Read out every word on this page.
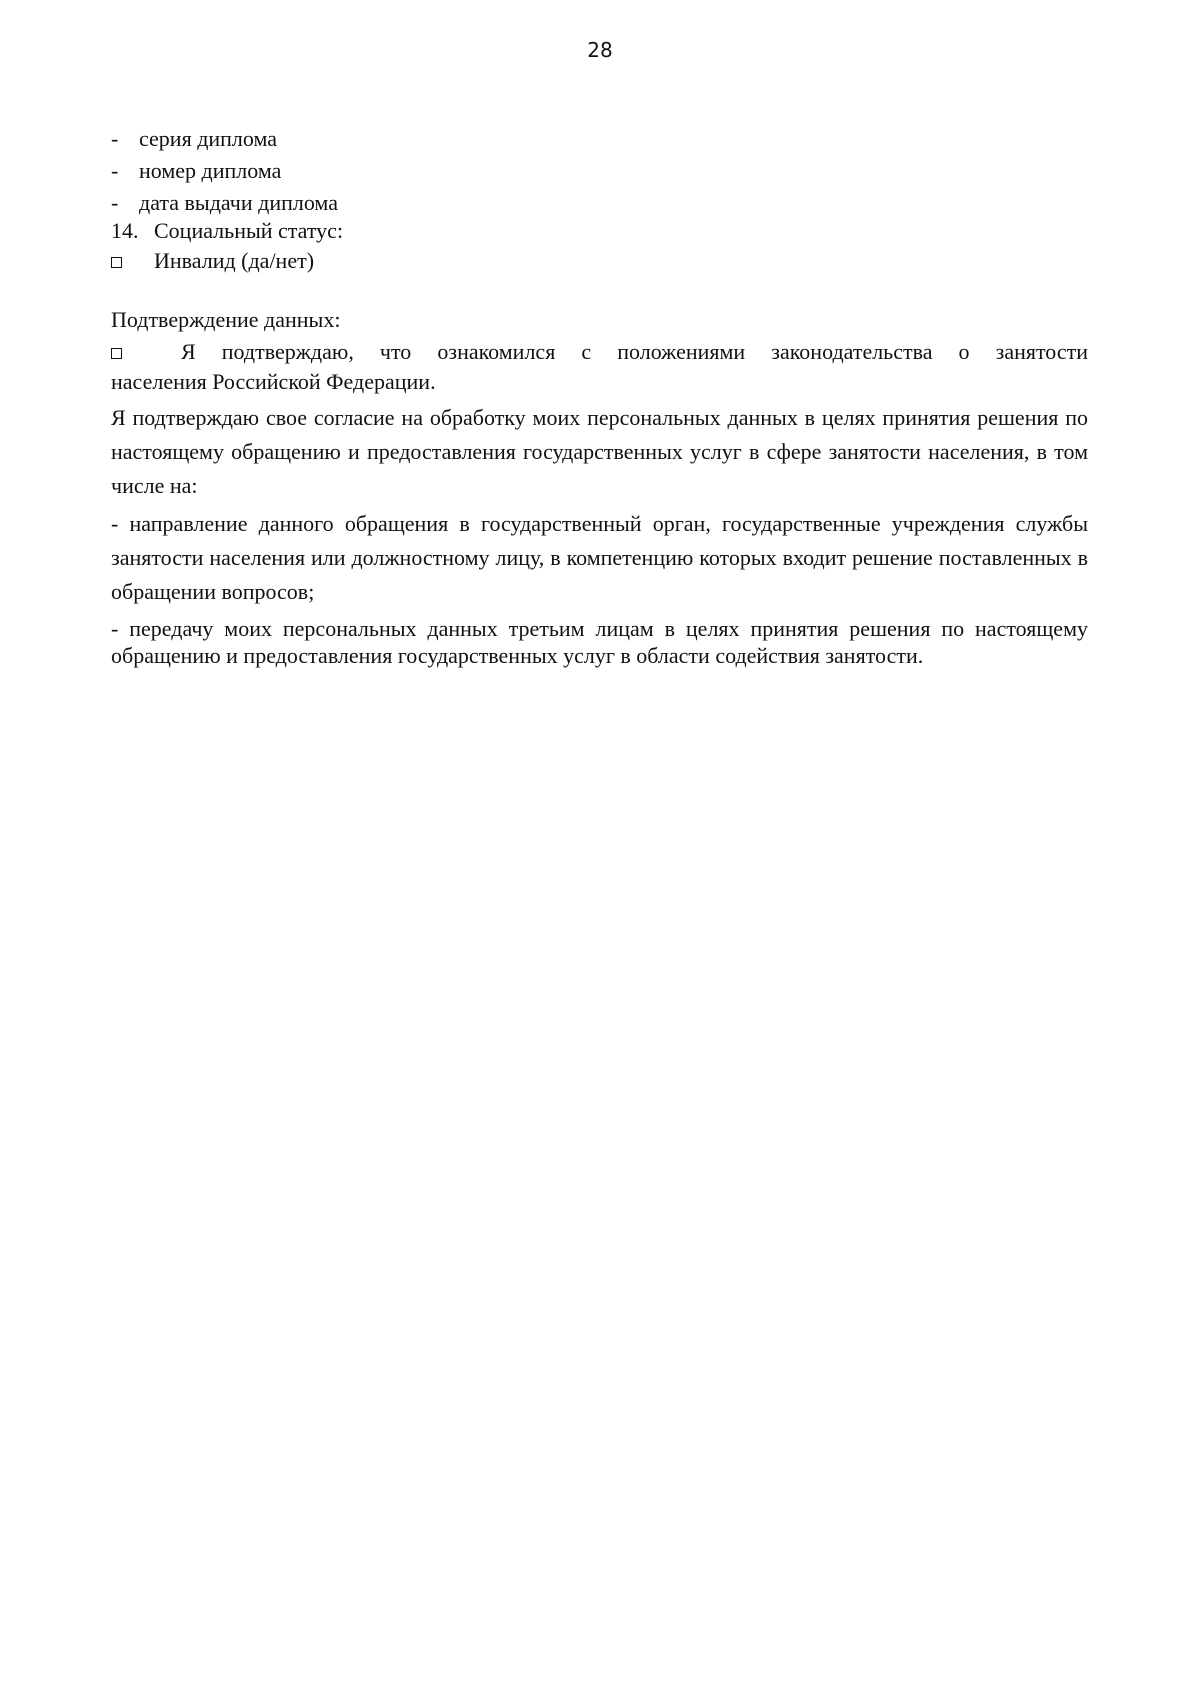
28
- серия диплома
- номер диплома
- дата выдачи диплома
14. Социальный статус:
Инвалид (да/нет)
Подтверждение данных:
Я подтверждаю, что ознакомился с положениями законодательства о занятости
населения Российской Федерации.
Я подтверждаю свое согласие на обработку моих персональных данных в целях принятия решения по настоящему обращению и предоставления государственных услуг в сфере занятости населения, в том числе на:
- направление данного обращения в государственный орган, государственные учреждения службы занятости населения или должностному лицу, в компетенцию которых входит решение поставленных в обращении вопросов;
- передачу моих персональных данных третьим лицам в целях принятия решения по настоящему обращению и предоставления государственных услуг в области содействия занятости.
